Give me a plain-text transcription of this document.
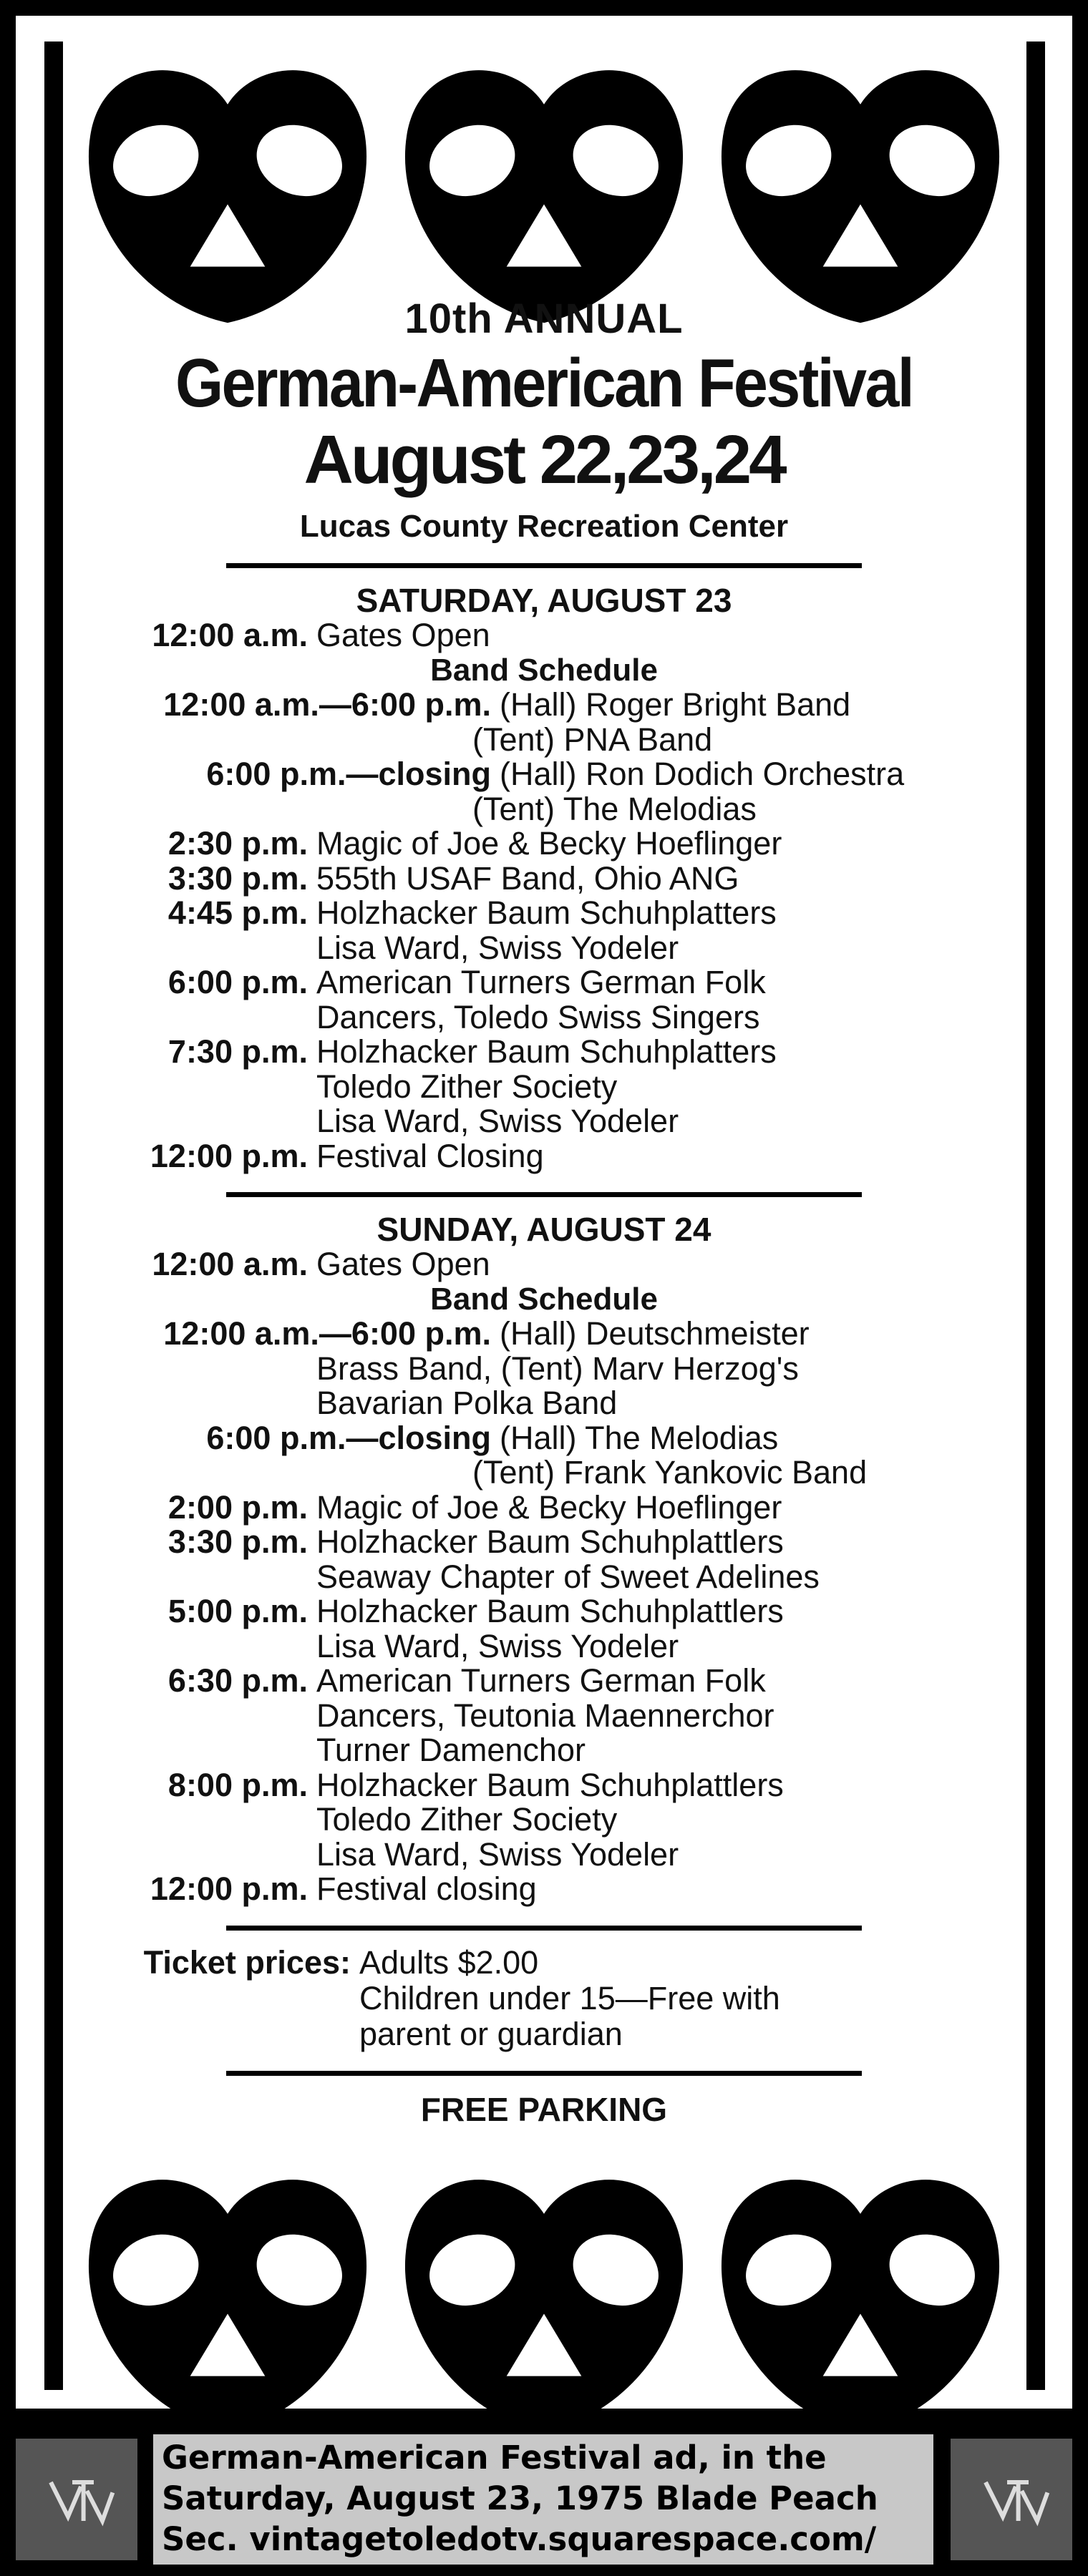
10th ANNUAL
German-American Festival
August 22,23,24
Lucas County Recreation Center
SATURDAY, AUGUST 23
12:00 a.m. Gates Open
Band Schedule
12:00 a.m.—6:00 p.m. (Hall) Roger Bright Band
(Tent) PNA Band
6:00 p.m.—closing (Hall) Ron Dodich Orchestra
(Tent) The Melodias
2:30 p.m. Magic of Joe & Becky Hoeflinger
3:30 p.m. 555th USAF Band, Ohio ANG
4:45 p.m. Holzhacker Baum Schuhplatters
Lisa Ward, Swiss Yodeler
6:00 p.m. American Turners German Folk
Dancers, Toledo Swiss Singers
7:30 p.m. Holzhacker Baum Schuhplatters
Toledo Zither Society
Lisa Ward, Swiss Yodeler
12:00 p.m. Festival Closing
SUNDAY, AUGUST 24
12:00 a.m. Gates Open
Band Schedule
12:00 a.m.—6:00 p.m. (Hall) Deutschmeister
Brass Band, (Tent) Marv Herzog's
Bavarian Polka Band
6:00 p.m.—closing (Hall) The Melodias
(Tent) Frank Yankovic Band
2:00 p.m. Magic of Joe & Becky Hoeflinger
3:30 p.m. Holzhacker Baum Schuhplattlers
Seaway Chapter of Sweet Adelines
5:00 p.m. Holzhacker Baum Schuhplattlers
Lisa Ward, Swiss Yodeler
6:30 p.m. American Turners German Folk
Dancers, Teutonia Maennerchor
Turner Damenchor
8:00 p.m. Holzhacker Baum Schuhplattlers
Toledo Zither Society
Lisa Ward, Swiss Yodeler
12:00 p.m. Festival closing
Ticket prices: Adults $2.00
Children under 15—Free with
parent or guardian
FREE PARKING
German-American Festival ad, in the
Saturday, August 23, 1975 Blade Peach
Sec. vintagetoledotv.squarespace.com/
